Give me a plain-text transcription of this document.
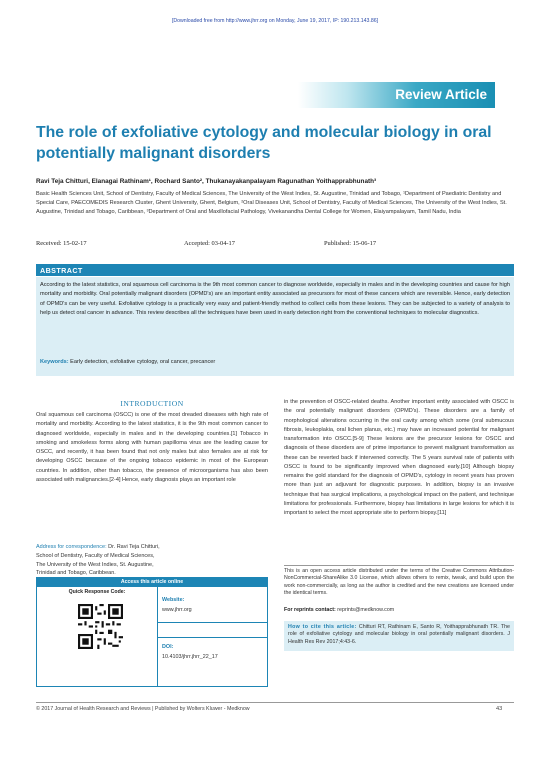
[Downloaded free from http://www.jhrr.org on Monday, June 19, 2017, IP: 190.213.143.86]
Review Article
The role of exfoliative cytology and molecular biology in oral potentially malignant disorders
Ravi Teja Chitturi, Elanagai Rathinam¹, Rochard Santo², Thukanayakanpalayam Ragunathan Yoithapprabhunath³
Basic Health Sciences Unit, School of Dentistry, Faculty of Medical Sciences, The University of the West Indies, St. Augustine, Trinidad and Tobago, ¹Department of Paediatric Dentistry and Special Care, PAECOMEDIS Research Cluster, Ghent University, Ghent, Belgium, ²Oral Diseases Unit, School of Dentistry, Faculty of Medical Sciences, The University of the West Indies, St. Augustine, Trinidad and Tobago, Caribbean, ³Department of Oral and Maxillofacial Pathology, Vivekanandha Dental College for Women, Elaiyampalayam, Tamil Nadu, India
Received: 15-02-17	Accepted: 03-04-17	Published: 15-06-17
ABSTRACT
According to the latest statistics, oral squamous cell carcinoma is the 9th most common cancer to diagnose worldwide, especially in males and in the developing countries and cause for high mortality and morbidity. Oral potentially malignant disorders (OPMD's) are an important entity associated as precursors for most of these cancers which are reversible. Hence, early detection of OPMD's can be very useful. Exfoliative cytology is a practically very easy and patient-friendly method to collect cells from these lesions. They can be subjected to a variety of analysis to help us detect oral cancer in advance. This review describes all the techniques have been used in early detection right from the conventional techniques to molecular diagnostics.
Keywords: Early detection, exfoliative cytology, oral cancer, precancer
INTRODUCTION
Oral squamous cell carcinoma (OSCC) is one of the most dreaded diseases with high rate of mortality and morbidity. According to the latest statistics, it is the 9th most common cancer to diagnosed worldwide, especially in males and in the developing countries.[1] Tobacco in smoking and smokeless forms along with human papilloma virus are the leading cause for OSCC, and recently, it has been found that not only males but also females are at risk for developing OSCC because of the ongoing tobacco epidemic in most of the European countries. In addition, other than tobacco, the presence of microorganisms has also been associated with malignancies.[2-4] Hence, early diagnosis plays an important role
in the prevention of OSCC-related deaths. Another important entity associated with OSCC is the oral potentially malignant disorders (OPMD's). These disorders are a family of morphological alterations occurring in the oral cavity among which some (oral submucous fibrosis, leukoplakia, oral lichen planus, etc.) may have an increased potential for malignant transformation into OSCC.[5-9] These lesions are the precursor lesions for OSCC and diagnosis of these disorders are of prime importance to prevent malignant transformation as these can be reverted back if intervened correctly. The 5 years survival rate of patients with OSCC is found to be significantly improved when diagnosed early.[10] Although biopsy remains the gold standard for the diagnosis of OPMD's, cytology in recent years has proven more than just an adjuvant for diagnostic purposes. In addition, biopsy is an invasive technique that has surgical implications, a psychological impact on the patient, and technique limitations for professionals. Furthermore, biopsy has limitations in large lesions for which it is important to select the most appropriate site to perform biopsy.[11]
Address for correspondence: Dr. Ravi Teja Chitturi,
School of Dentistry, Faculty of Medical Sciences,
The University of the West Indies, St. Augustine,
Trinidad and Tobago, Caribbean.
Access this article online
Quick Response Code:
Website:
www.jhrr.org
DOI:
10.4103/jhrr.jhrr_22_17
This is an open access article distributed under the terms of the Creative Commons Attribution-NonCommercial-ShareAlike 3.0 License, which allows others to remix, tweak, and build upon the work non-commercially, as long as the author is credited and the new creations are licensed under the identical terms.
For reprints contact: reprints@medknow.com
How to cite this article: Chitturi RT, Rathinam E, Santo R, Yoithapprabhunath TR. The role of exfoliative cytology and molecular biology in oral potentially malignant disorders. J Health Res Rev 2017;4:43-6.
© 2017 Journal of Health Research and Reviews | Published by Wolters Kluwer - Medknow	43
